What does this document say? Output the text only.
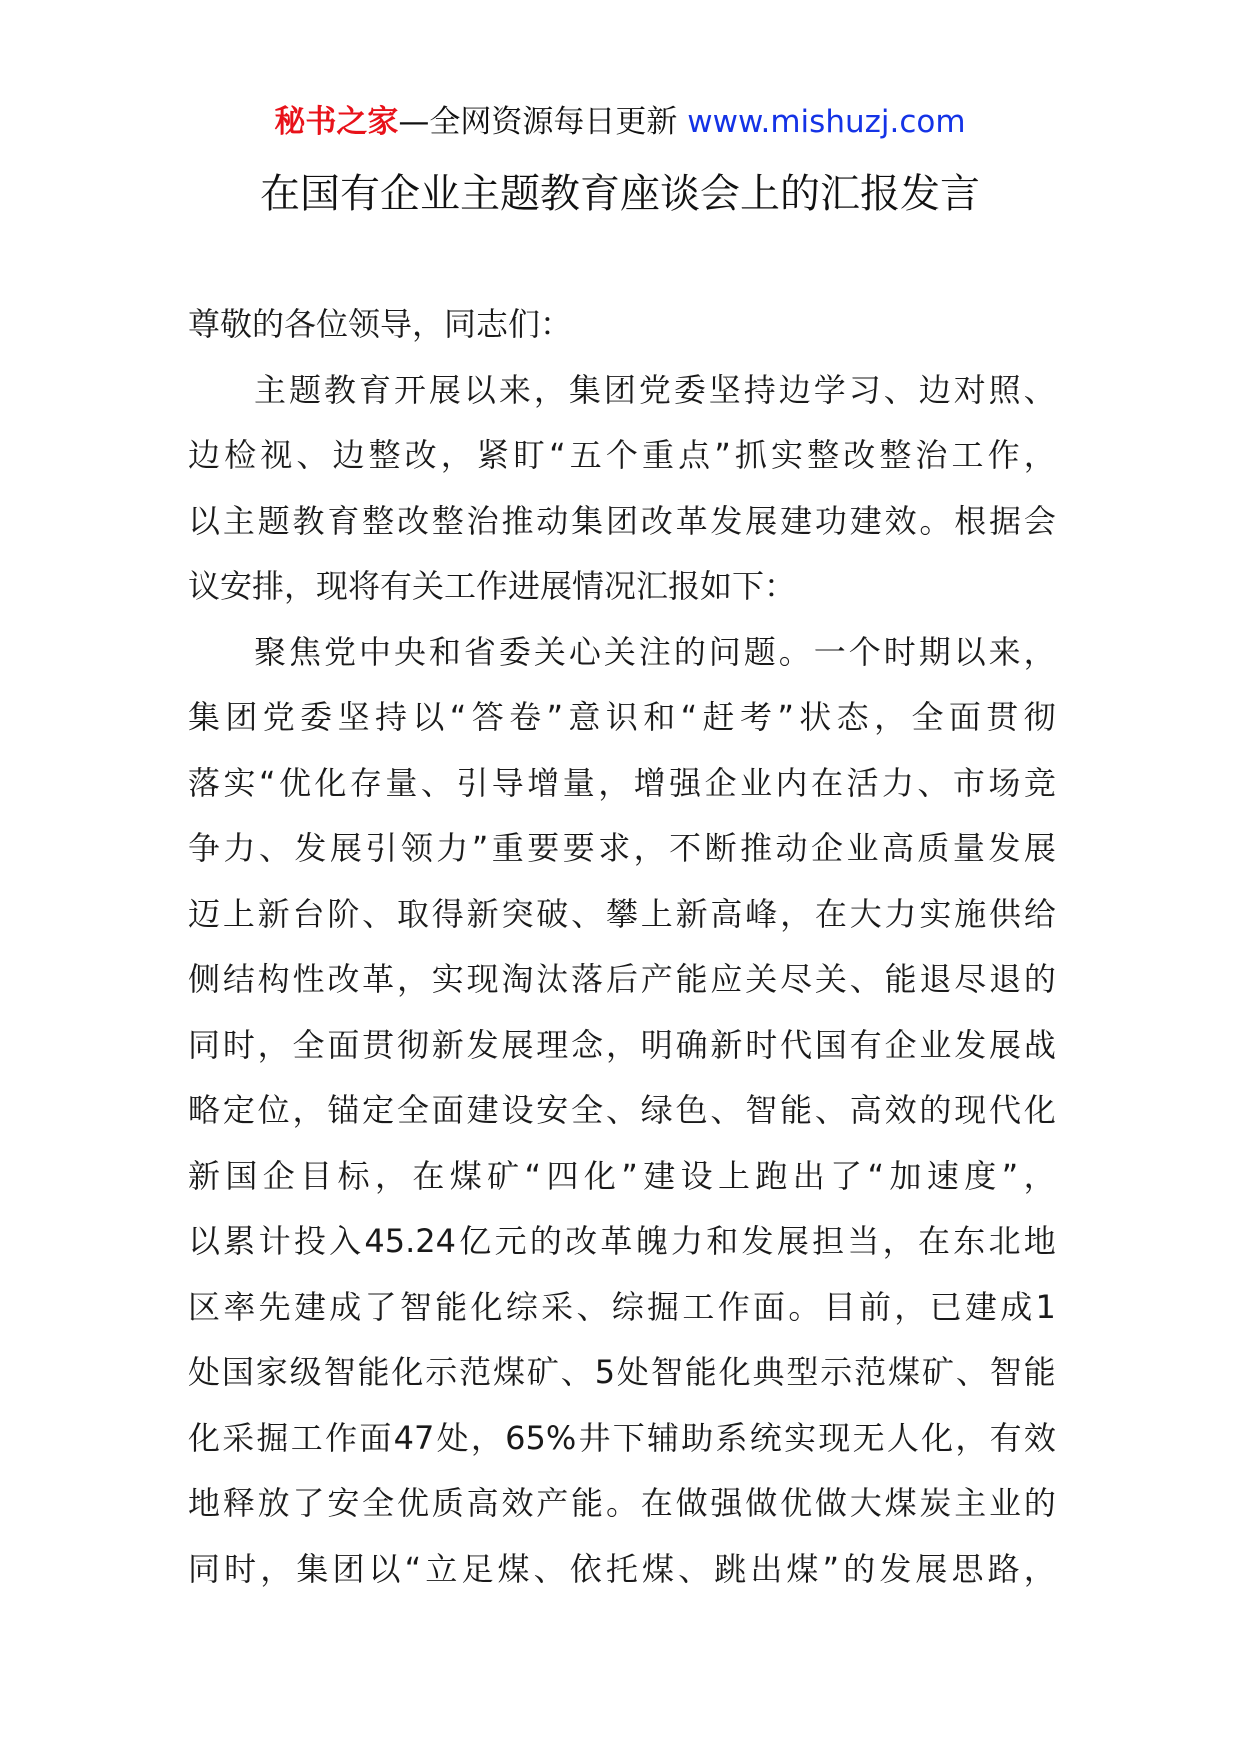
秘书之家—全网资源每日更新 www.mishuzj.com
在国有企业主题教育座谈会上的汇报发言
尊敬的各位领导，同志们：
主 题 教 育 开 展 以 来 ， 集 团 党 委 坚 持 边 学 习 、 边 对 照 、
边 检 视 、 边 整 改 ， 紧 盯 “ 五 个 重 点 ” 抓 实 整 改 整 治 工 作 ，
以 主 题 教 育 整 改 整 治 推 动 集 团 改 革 发 展 建 功 建 效 。 根 据 会
议安排，现将有关工作进展情况汇报如下：
聚 焦 党 中 央 和 省 委 关 心 关 注 的 问 题 。 一 个 时 期 以 来 ，
集 团 党 委 坚 持 以 “ 答 卷 ” 意 识 和 “ 赶 考 ” 状 态 ， 全 面 贯 彻
落 实 “ 优 化 存 量 、 引 导 增 量 ， 增 强 企 业 内 在 活 力 、 市 场 竞
争 力 、 发 展 引 领 力 ” 重 要 要 求 ， 不 断 推 动 企 业 高 质 量 发 展
迈 上 新 台 阶 、 取 得 新 突 破 、 攀 上 新 高 峰 ， 在 大 力 实 施 供 给
侧 结 构 性 改 革 ， 实 现 淘 汰 落 后 产 能 应 关 尽 关 、 能 退 尽 退 的
同 时 ， 全 面 贯 彻 新 发 展 理 念 ， 明 确 新 时 代 国 有 企 业 发 展 战
略 定 位 ， 锚 定 全 面 建 设 安 全 、 绿 色 、 智 能 、 高 效 的 现 代 化
新 国 企 目 标 ， 在 煤 矿 “ 四 化 ” 建 设 上 跑 出 了 “ 加 速 度 ” ，
以 累 计 投 入 45.24 亿 元 的 改 革 魄 力 和 发 展 担 当 ， 在 东 北 地
区 率 先 建 成 了 智 能 化 综 采 、 综 掘 工 作 面 。 目 前 ， 已 建 成 1
处 国 家 级 智 能 化 示 范 煤 矿 、 5 处 智 能 化 典 型 示 范 煤 矿 、 智 能
化 采 掘 工 作 面 47 处 ， 65% 井 下 辅 助 系 统 实 现 无 人 化 ， 有 效
地 释 放 了 安 全 优 质 高 效 产 能 。 在 做 强 做 优 做 大 煤 炭 主 业 的
同 时 ， 集 团 以 “ 立 足 煤 、 依 托 煤 、 跳 出 煤 ” 的 发 展 思 路 ，
